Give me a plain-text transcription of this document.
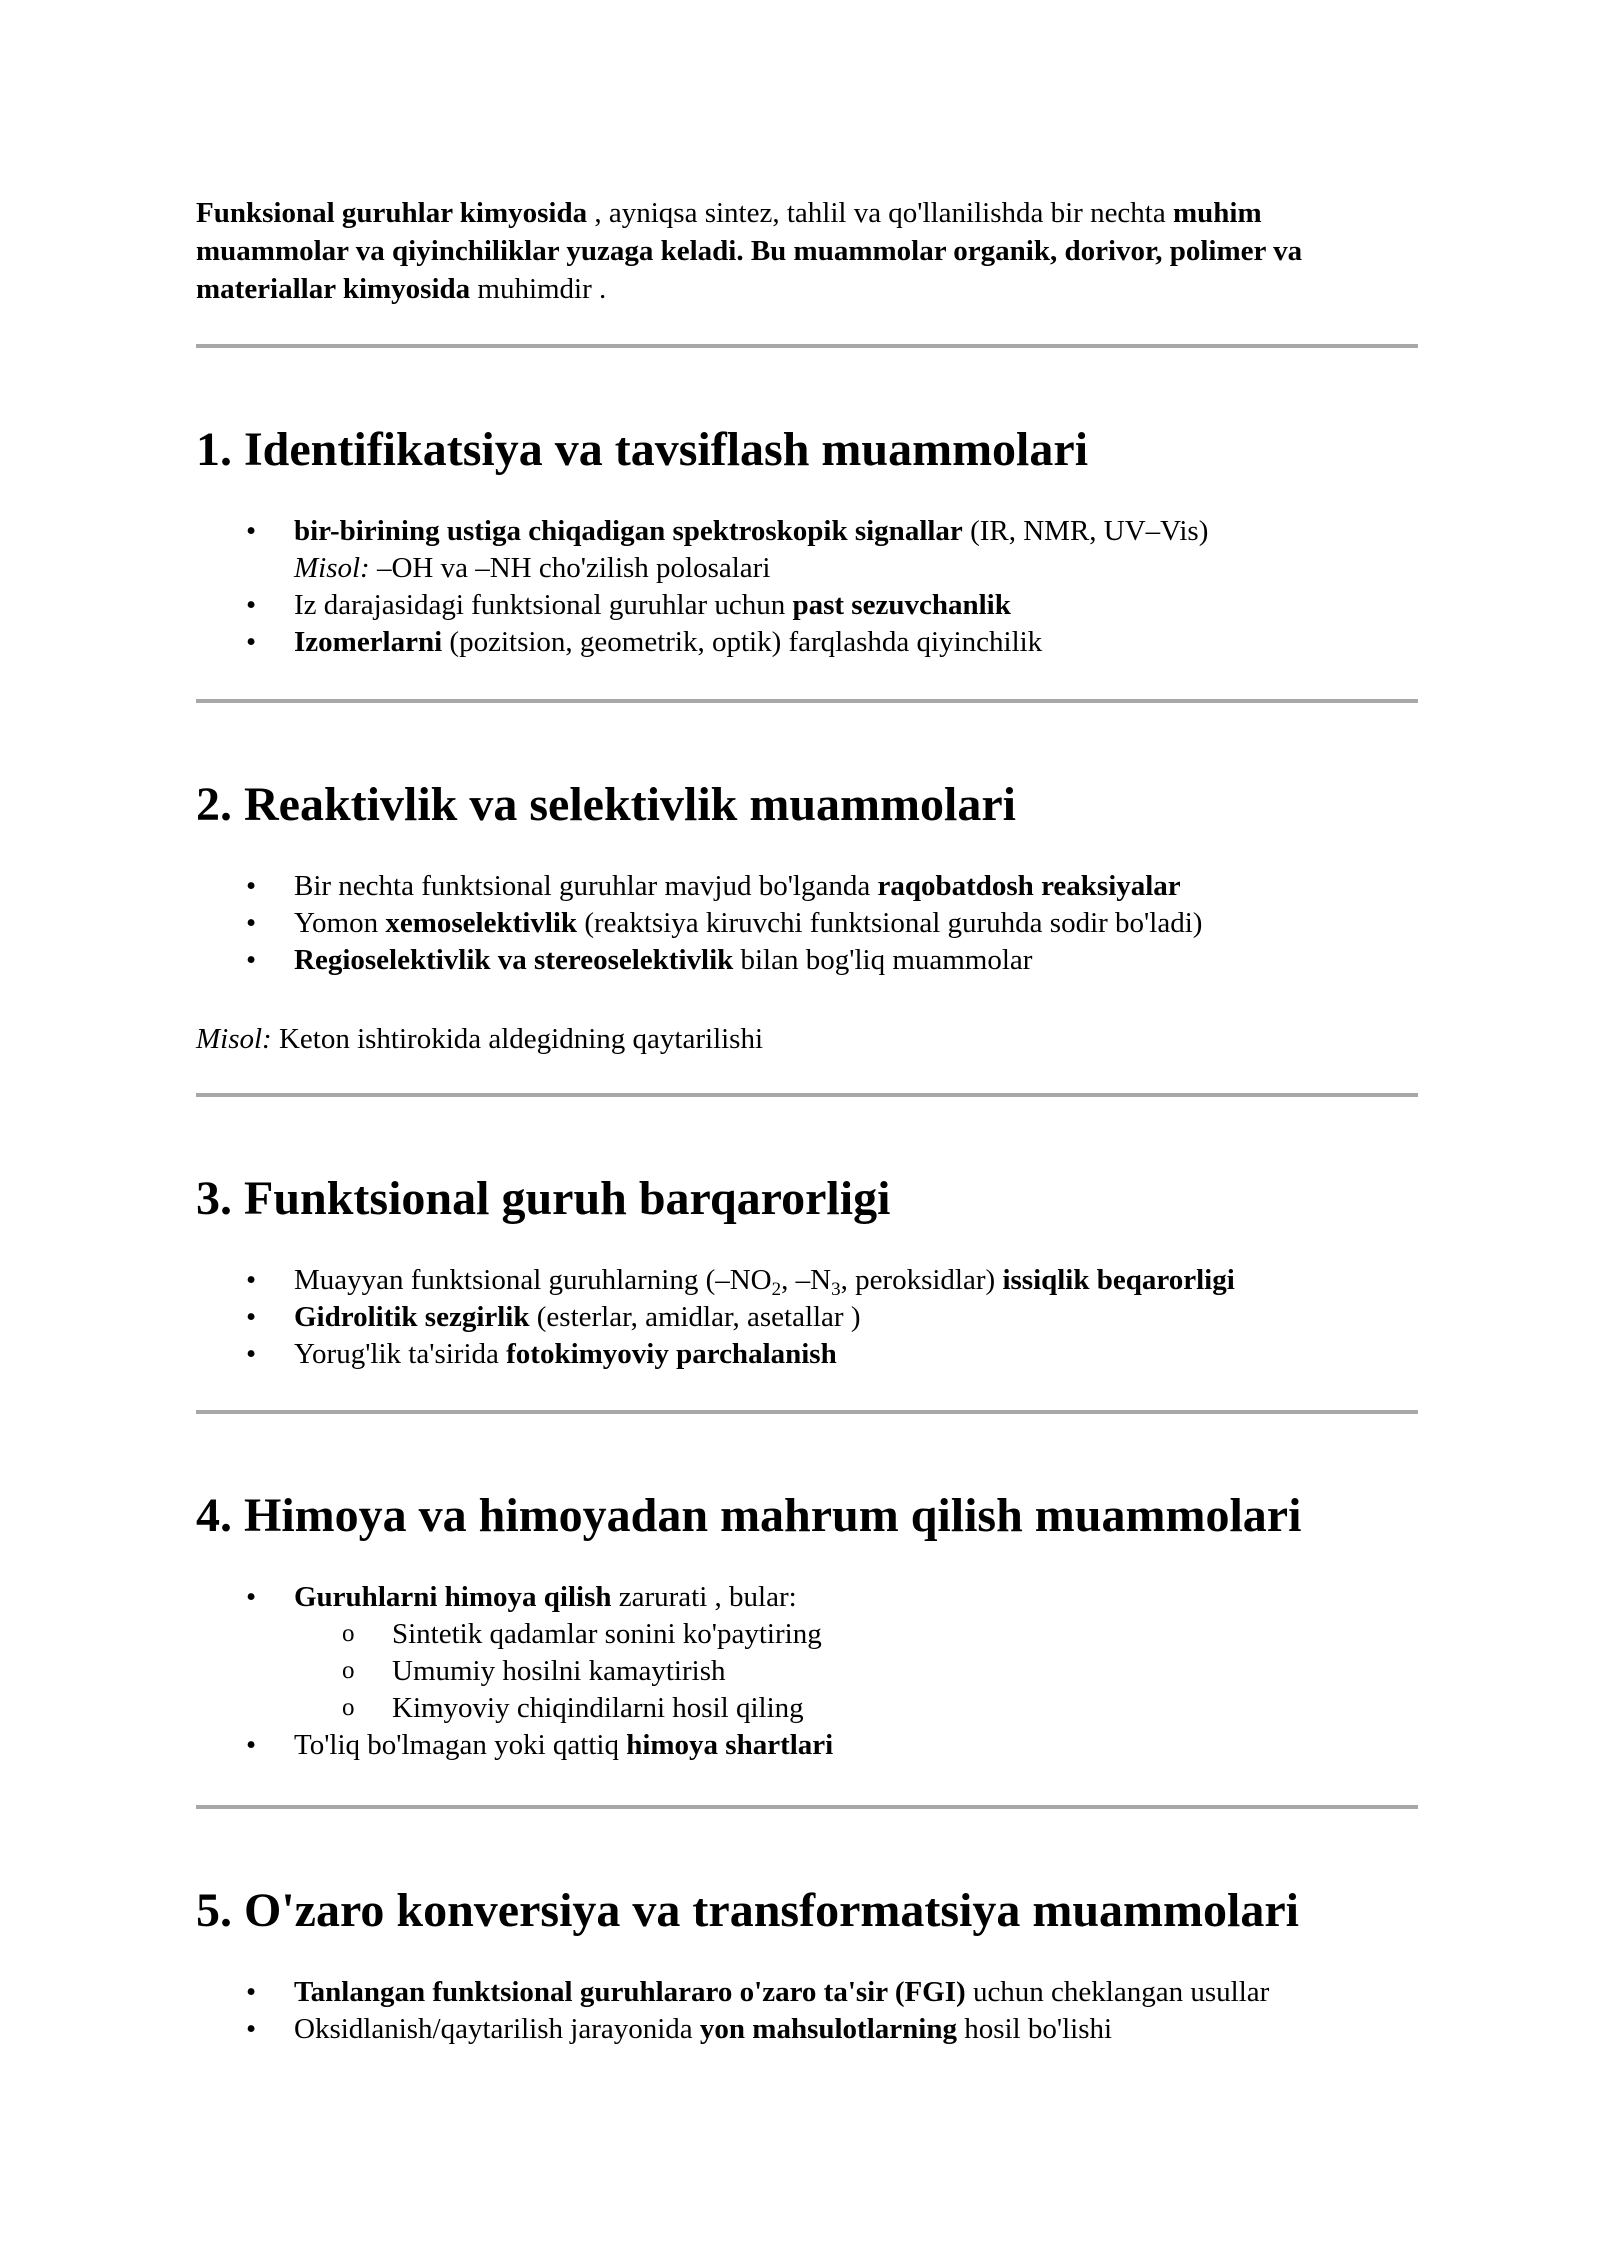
Funksional guruhlar kimyosida , ayniqsa sintez, tahlil va qo'llanilishda bir nechta muhim muammolar va qiyinchiliklar yuzaga keladi. Bu muammolar organik, dorivor, polimer va materiallar kimyosida muhimdir .

1. Identifikatsiya va tavsiflash muammolari
• bir-birining ustiga chiqadigan spektroskopik signallar (IR, NMR, UV–Vis)
Misol: –OH va –NH cho'zilish polosalari
• Iz darajasidagi funktsional guruhlar uchun past sezuvchanlik
• Izomerlarni (pozitsion, geometrik, optik) farqlashda qiyinchilik
2. Reaktivlik va selektivlik muammolari
• Bir nechta funktsional guruhlar mavjud bo'lganda raqobatdosh reaksiyalar
• Yomon xemoselektivlik (reaktsiya kiruvchi funktsional guruhda sodir bo'ladi)
• Regioselektivlik va stereoselektivlik bilan bog'liq muammolar

Misol: Keton ishtirokida aldegidning qaytarilishi

3. Funktsional guruh barqarorligi
• Muayyan funktsional guruhlarning ($-NO_2$, $-N_3$, peroksidlar) issiqlik beqarorligi
• Gidrolitik sezgirlik (esterlar, amidlar, asetallar )
• Yorug'lik ta'sirida fotokimyoviy parchalanish
4. Himoya va himoyadan mahrum qilish muammolari
• Guruhlarni himoya qilish zarurati , bular:
o Sintetik qadamlar sonini ko'paytiring
o Umumiy hosilni kamaytirish
o Kimyoviy chiqindilarni hosil qiling
• To'liq bo'lmagan yoki qattiq himoya shartlari
5. O'zaro konversiya va transformatsiya muammolari
• Tanlangan funktsional guruhlararo o'zaro ta'sir (FGI) uchun cheklangan usullar
• Oksidlanish/qaytarilish jarayonida yon mahsulotlarning hosil bo'lishi
